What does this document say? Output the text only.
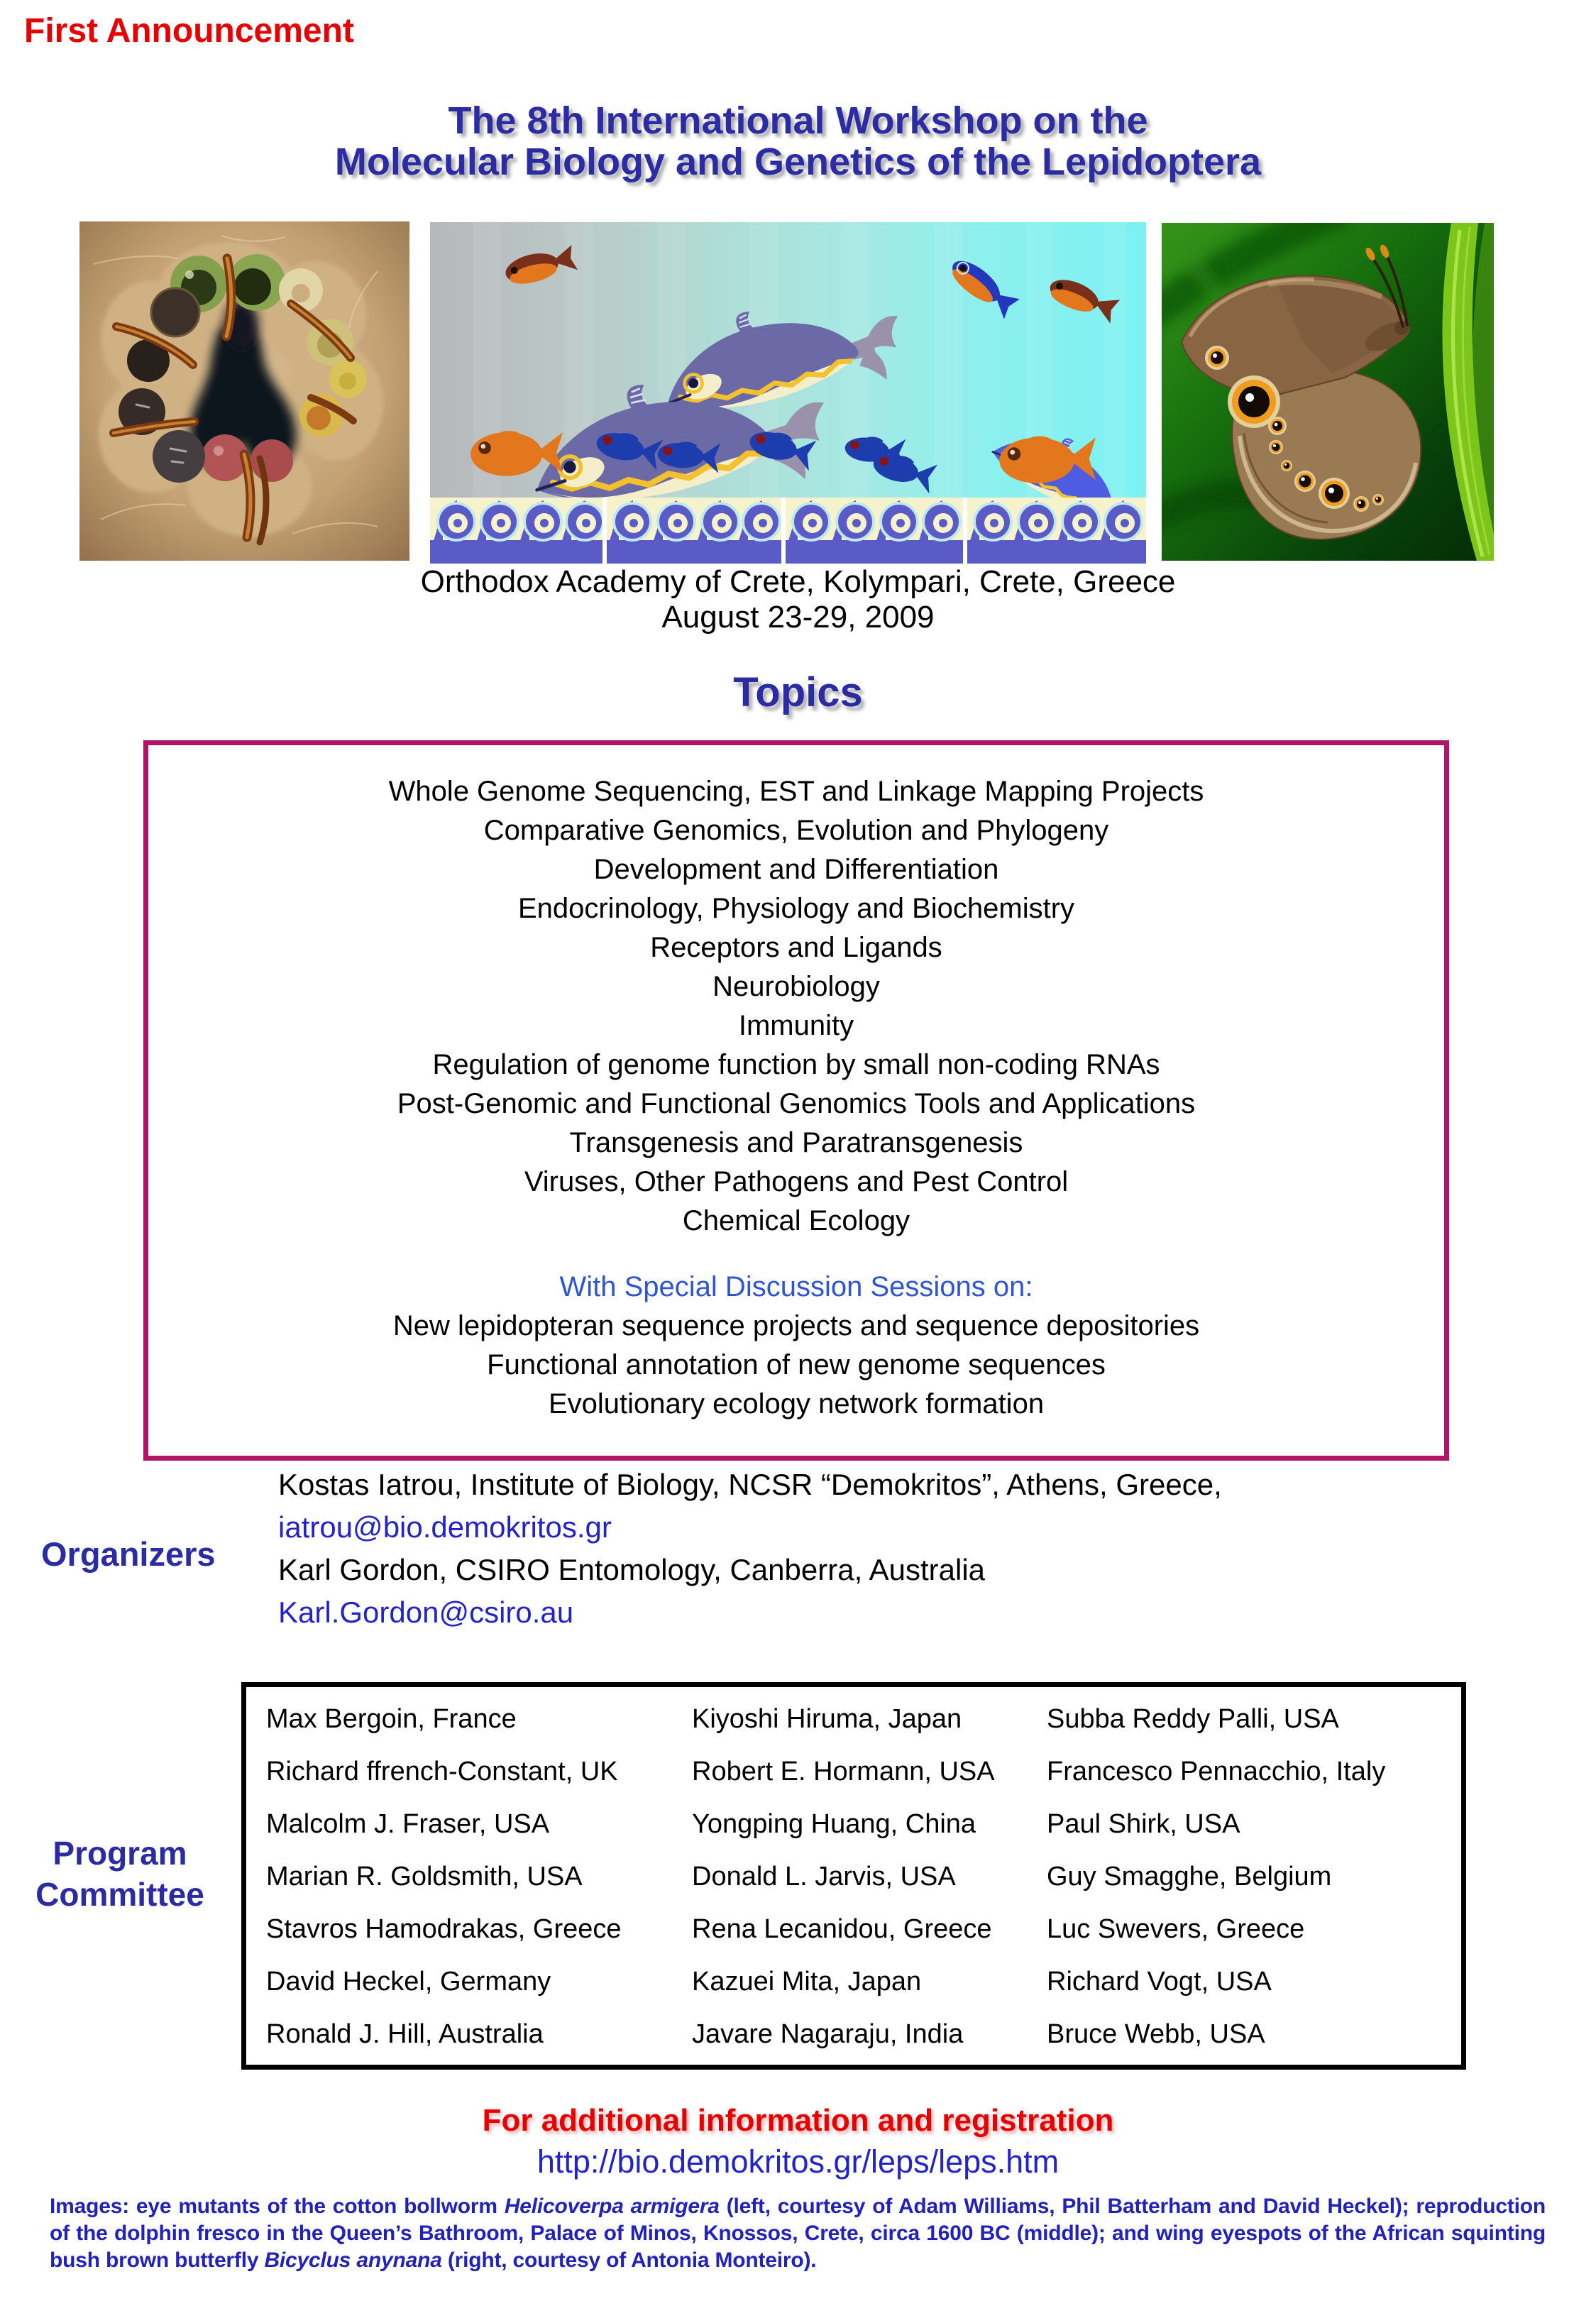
First Announcement
The 8th International Workshop on the
Molecular Biology and Genetics of the Lepidoptera
Orthodox Academy of Crete, Kolympari, Crete, Greece
August 23-29, 2009
Topics
Whole Genome Sequencing, EST and Linkage Mapping Projects
Comparative Genomics, Evolution and Phylogeny
Development and Differentiation
Endocrinology, Physiology and Biochemistry
Receptors and Ligands
Neurobiology
Immunity
Regulation of genome function by small non-coding RNAs
Post-Genomic and Functional Genomics Tools and Applications
Transgenesis and Paratransgenesis
Viruses, Other Pathogens and Pest Control
Chemical Ecology
With Special Discussion Sessions on:
New lepidopteran sequence projects and sequence depositories
Functional annotation of new genome sequences
Evolutionary ecology network formation
Organizers
Kostas Iatrou, Institute of Biology, NCSR “Demokritos”, Athens, Greece,
iatrou@bio.demokritos.gr
Karl Gordon, CSIRO Entomology, Canberra, Australia
Karl.Gordon@csiro.au
Program
Committee
Max Bergoin, France	Kiyoshi Hiruma, Japan	Subba Reddy Palli, USA
Richard ffrench-Constant, UK	Robert E. Hormann, USA	Francesco Pennacchio, Italy
Malcolm J. Fraser, USA	Yongping Huang, China	Paul Shirk, USA
Marian R. Goldsmith, USA	Donald L. Jarvis, USA	Guy Smagghe, Belgium
Stavros Hamodrakas, Greece	Rena Lecanidou, Greece	Luc Swevers, Greece
David Heckel, Germany	Kazuei Mita, Japan	Richard Vogt, USA
Ronald J. Hill, Australia	Javare Nagaraju, India	Bruce Webb, USA
For additional information and registration
http://bio.demokritos.gr/leps/leps.htm

Images: eye mutants of the cotton bollworm Helicoverpa armigera (left, courtesy of Adam Williams, Phil Batterham and David Heckel); reproduction of the dolphin fresco in the Queen’s Bathroom, Palace of Minos, Knossos, Crete, circa 1600 BC (middle); and wing eyespots of the African squinting bush brown butterfly Bicyclus anynana (right, courtesy of Antonia Monteiro).
